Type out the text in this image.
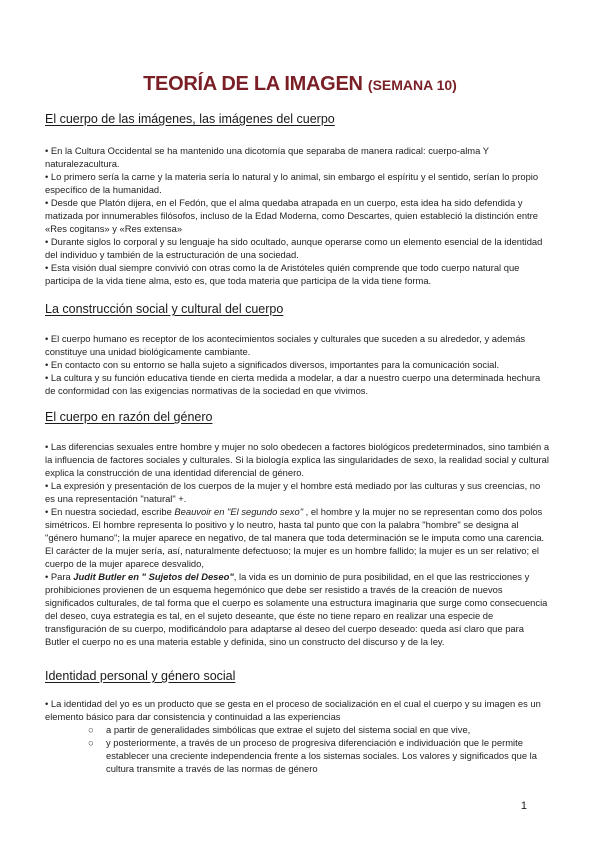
TEORÍA DE LA IMAGEN (SEMANA 10)
El cuerpo de las imágenes, las imágenes del cuerpo

• En la Cultura Occidental se ha mantenido una dicotomía que separaba de manera radical: cuerpo-alma Y naturalezacultura.

• Lo primero sería la carne y la materia sería lo natural y lo animal, sin embargo el espíritu y el sentido, serían lo propio específico de la humanidad.

• Desde que Platón dijera, en el Fedón, que el alma quedaba atrapada en un cuerpo, esta idea ha sido defendida y matizada por innumerables filósofos, incluso de la Edad Moderna, como Descartes, quien estableció la distinción entre «Res cogitans» y «Res extensa»

• Durante siglos lo corporal y su lenguaje ha sido ocultado, aunque operarse como un elemento esencial de la identidad del individuo y también de la estructuración de una sociedad.

• Esta visión dual siempre convivió con otras como la de Aristóteles quién comprende que todo cuerpo natural que participa de la vida tiene alma, esto es, que toda materia que participa de la vida tiene forma.

La construcción social y cultural del cuerpo

• El cuerpo humano es receptor de los acontecimientos sociales y culturales que suceden a su alrededor, y además constituye una unidad biológicamente cambiante.

• En contacto con su entorno se halla sujeto a significados diversos, importantes para la comunicación social.

• La cultura y su función educativa tiende en cierta medida a modelar, a dar a nuestro cuerpo una determinada hechura de conformidad con las exigencias normativas de la sociedad en que vivimos.

El cuerpo en razón del género

• Las diferencias sexuales entre hombre y mujer no solo obedecen a factores biológicos predeterminados, sino también a la influencia de factores sociales y culturales. Si la biología explica las singularidades de sexo, la realidad social y cultural explica la construcción de una identidad diferencial de género.

• La expresión y presentación de los cuerpos de la mujer y el hombre está mediado por las culturas y sus creencias, no es una representación "natural" +.

• En nuestra sociedad, escribe Beauvoir en "El segundo sexo" , el hombre y la mujer no se representan como dos polos simétricos. El hombre representa lo positivo y lo neutro, hasta tal punto que con la palabra "hombre" se designa al "género humano"; la mujer aparece en negativo, de tal manera que toda determinación se le imputa como una carencia. El carácter de la mujer sería, así, naturalmente defectuoso; la mujer es un hombre fallido; la mujer es un ser relativo; el cuerpo de la mujer aparece desvalido,

• Para Judit Butler en " Sujetos del Deseo", la vida es un dominio de pura posibilidad, en el que las restricciones y prohibiciones provienen de un esquema hegemónico que debe ser resistido a través de la creación de nuevos significados culturales, de tal forma que el cuerpo es solamente una estructura imaginaria que surge como consecuencia del deseo, cuya estrategia es tal, en el sujeto deseante, que éste no tiene reparo en realizar una especie de transfiguración de su cuerpo, modificándolo para adaptarse al deseo del cuerpo deseado: queda así claro que para Butler el cuerpo no es una materia estable y definida, sino un constructo del discurso y de la ley.

Identidad personal y género social

• La identidad del yo es un producto que se gesta en el proceso de socialización en el cual el cuerpo y su imagen es un elemento básico para dar consistencia y continuidad a las experiencias

○ a partir de generalidades simbólicas que extrae el sujeto del sistema social en que vive,

○ y posteriormente, a través de un proceso de progresiva diferenciación e individuación que le permite establecer una creciente independencia frente a los sistemas sociales. Los valores y significados que la cultura transmite a través de las normas de género

1
